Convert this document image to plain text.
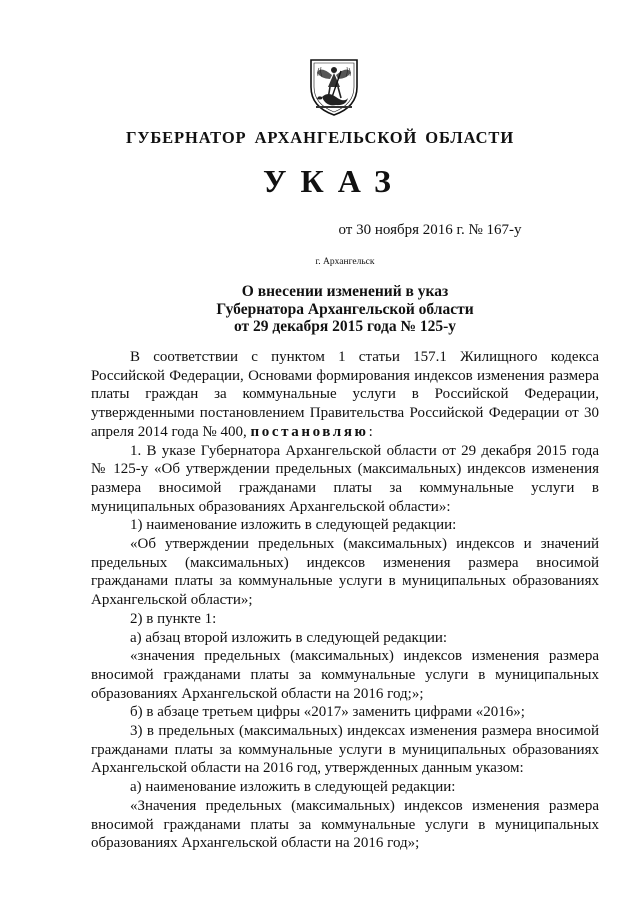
ГУБЕРНАТОР АРХАНГЕЛЬСКОЙ ОБЛАСТИ
УКАЗ
от 30 ноября 2016 г. № 167-у
г. Архангельск
О внесении изменений в указ
Губернатора Архангельской области
от 29 декабря 2015 года № 125-у

В соответствии с пунктом 1 статьи 157.1 Жилищного кодекса Российской Федерации, Основами формирования индексов изменения размера платы граждан за коммунальные услуги в Российской Федерации, утвержденными постановлением Правительства Российской Федерации от 30 апреля 2014 года № 400, постановляю:

1. В указе Губернатора Архангельской области от 29 декабря 2015 года № 125-у «Об утверждении предельных (максимальных) индексов изменения размера вносимой гражданами платы за коммунальные услуги в муниципальных образованиях Архангельской области»:

1) наименование изложить в следующей редакции:

«Об утверждении предельных (максимальных) индексов и значений предельных (максимальных) индексов изменения размера вносимой гражданами платы за коммунальные услуги в муниципальных образованиях Архангельской области»;

2) в пункте 1:

а) абзац второй изложить в следующей редакции:

«значения предельных (максимальных) индексов изменения размера вносимой гражданами платы за коммунальные услуги в муниципальных образованиях Архангельской области на 2016 год;»;

б) в абзаце третьем цифры «2017» заменить цифрами «2016»;

3) в предельных (максимальных) индексах изменения размера вносимой гражданами платы за коммунальные услуги в муниципальных образованиях Архангельской области на 2016 год, утвержденных данным указом:

а) наименование изложить в следующей редакции:

«Значения предельных (максимальных) индексов изменения размера вносимой гражданами платы за коммунальные услуги в муниципальных образованиях Архангельской области на 2016 год»;
